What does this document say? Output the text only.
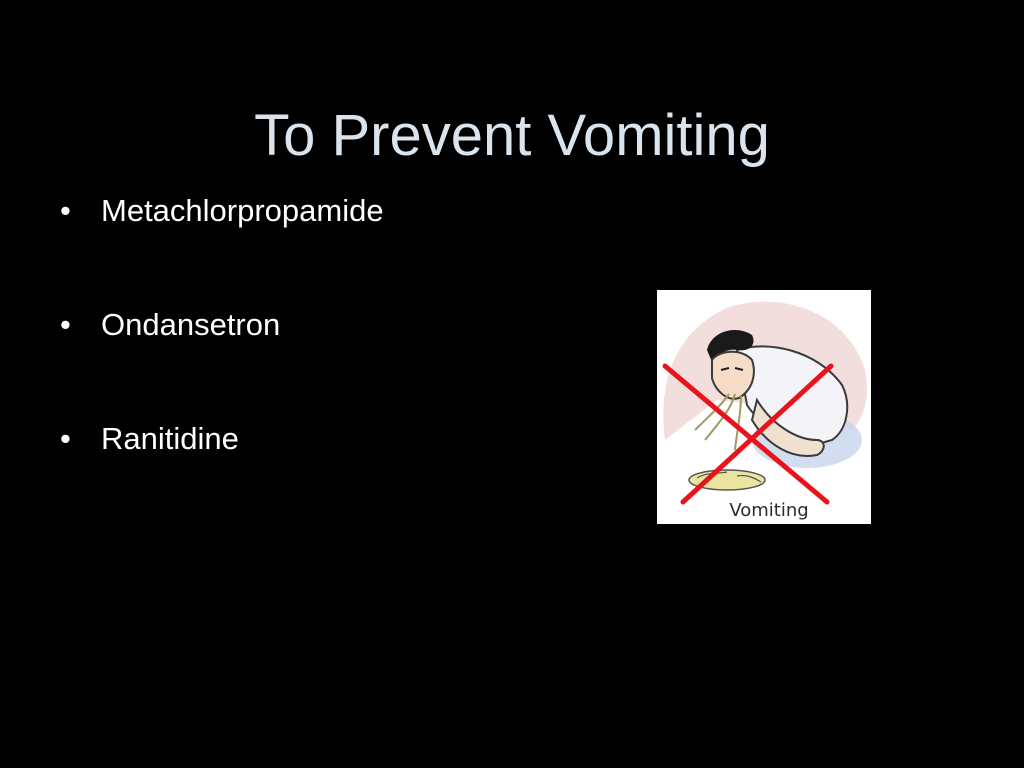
To Prevent Vomiting
• Metachlorpropamide
• Ondansetron
• Ranitidine
Vomiting
